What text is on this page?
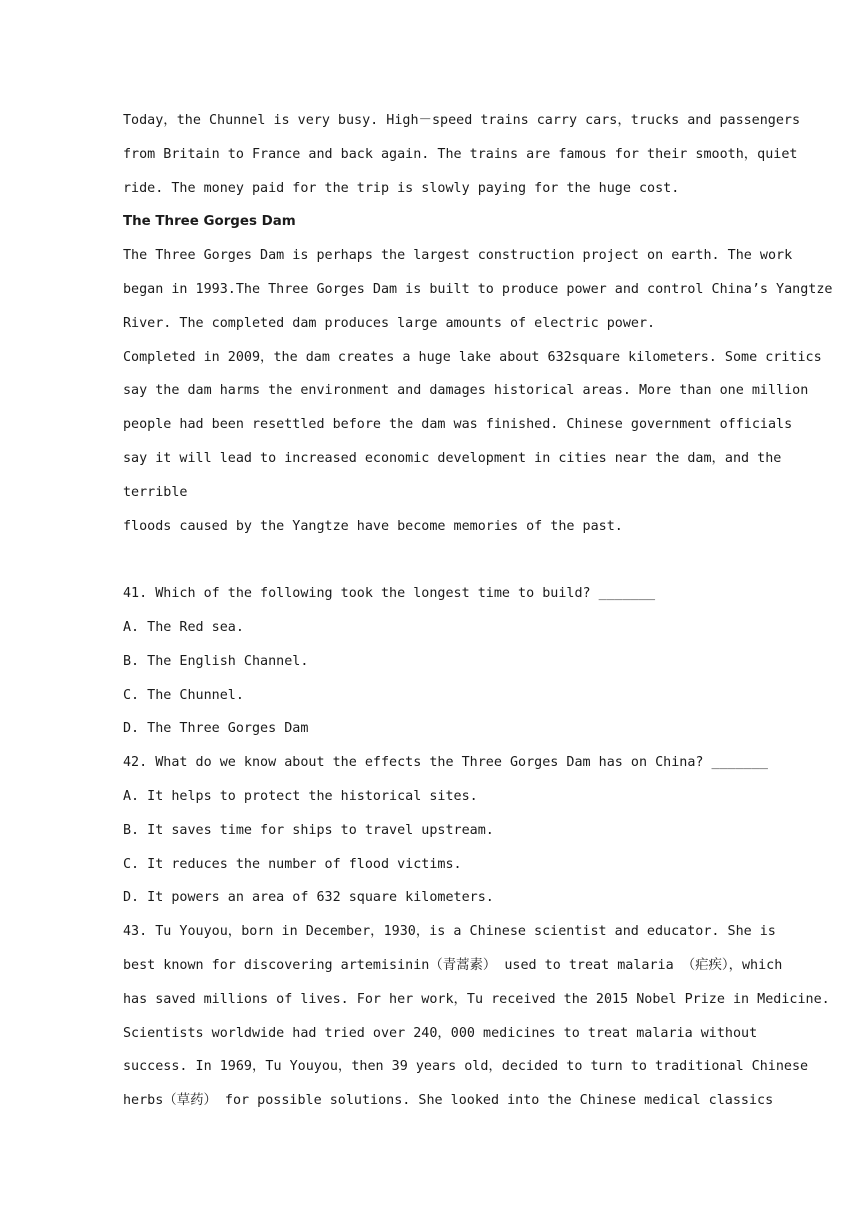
Today，the Chunnel is very busy. High－speed trains carry cars，trucks and passengers
from Britain to France and back again. The trains are famous for their smooth，quiet
ride. The money paid for the trip is slowly paying for the huge cost.
The Three Gorges Dam
The Three Gorges Dam is perhaps the largest construction project on earth. The work
began in 1993.The Three Gorges Dam is built to produce power and control China’s Yangtze
River. The completed dam produces large amounts of electric power.
Completed in 2009，the dam creates a huge lake about 632square kilometers. Some critics
say the dam harms the environment and damages historical areas. More than one million
people had been resettled before the dam was finished. Chinese government officials
say it will lead to increased economic development in cities near the dam，and the
terrible
floods caused by the Yangtze have become memories of the past.
41. Which of the following took the longest time to build? _______
A. The Red sea.
B. The English Channel.
C. The Chunnel.
D. The Three Gorges Dam
42. What do we know about the effects the Three Gorges Dam has on China? _______
A. It helps to protect the historical sites.
B. It saves time for ships to travel upstream.
C. It reduces the number of flood victims.
D. It powers an area of 632 square kilometers.
43. Tu Youyou，born in December，1930，is a Chinese scientist and educator. She is
best known for discovering artemisinin（青蒿素） used to treat malaria （疟疾），which
has saved millions of lives. For her work，Tu received the 2015 Nobel Prize in Medicine.
Scientists worldwide had tried over 240，000 medicines to treat malaria without
success. In 1969，Tu Youyou，then 39 years old，decided to turn to traditional Chinese
herbs（草药） for possible solutions. She looked into the Chinese medical classics
